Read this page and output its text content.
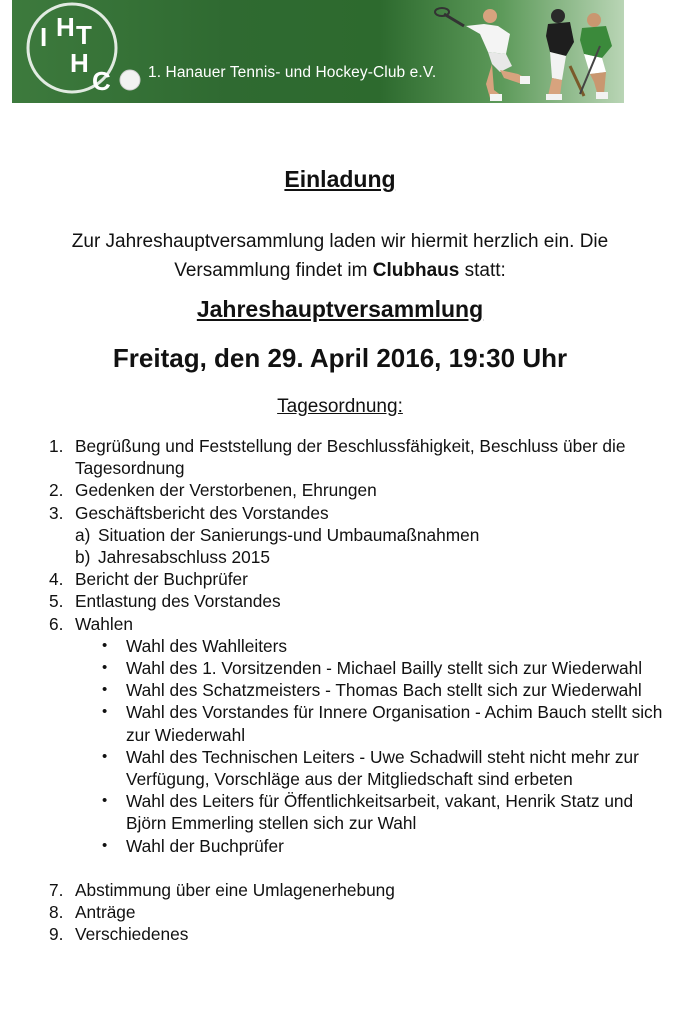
I H T
H
C 1. Hanauer Tennis- und Hockey-Club e.V.
Einladung
Zur Jahreshauptversammlung laden wir hiermit herzlich ein. Die Versammlung findet im Clubhaus statt:
Jahreshauptversammlung
Freitag, den 29. April 2016, 19:30 Uhr
Tagesordnung:
1. Begrüßung und Feststellung der Beschlussfähigkeit, Beschluss über die Tagesordnung
2. Gedenken der Verstorbenen, Ehrungen
3. Geschäftsbericht des Vorstandes
a) Situation der Sanierungs-und Umbaumaßnahmen
b) Jahresabschluss 2015
4. Bericht der Buchprüfer
5. Entlastung des Vorstandes
6. Wahlen
• Wahl des Wahlleiters
• Wahl des 1. Vorsitzenden - Michael Bailly stellt sich zur Wiederwahl
• Wahl des Schatzmeisters - Thomas Bach stellt sich zur Wiederwahl
• Wahl des Vorstandes für Innere Organisation - Achim Bauch stellt sich zur Wiederwahl
• Wahl des Technischen Leiters - Uwe Schadwill steht nicht mehr zur Verfügung, Vorschläge aus der Mitgliedschaft sind erbeten
• Wahl des Leiters für Öffentlichkeitsarbeit, vakant, Henrik Statz und Björn Emmerling stellen sich zur Wahl
• Wahl der Buchprüfer
7. Abstimmung über eine Umlagenerhebung
8. Anträge
9. Verschiedenes
